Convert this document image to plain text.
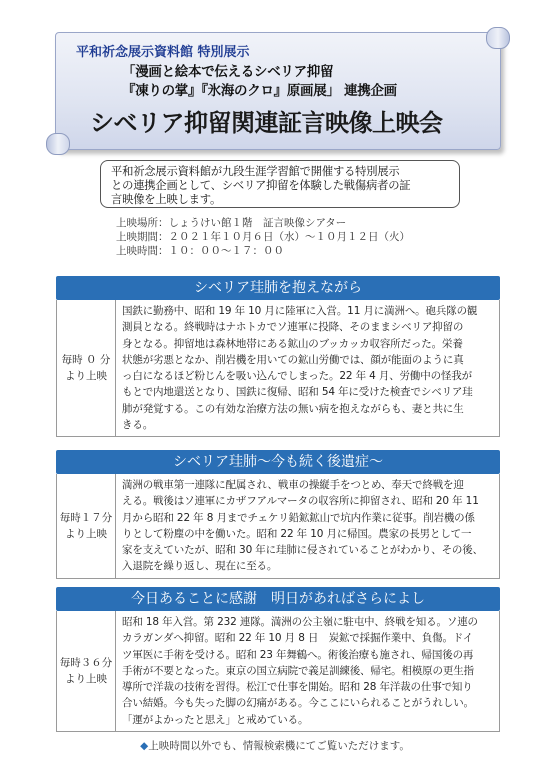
平和祈念展示資料館 特別展示
「漫画と絵本で伝えるシベリア抑留
『凍りの掌』『氷海のクロ』原画展」 連携企画
シベリア抑留関連証言映像上映会
平和祈念展示資料館が九段生涯学習館で開催する特別展示
との連携企画として、シベリア抑留を体験した戦傷病者の証
言映像を上映します。
上映場所：しょうけい館１階　証言映像シアター
上映期間：２０２１年１０月６日（水）～１０月１２日（火）
上映時間：１０：００～１７：００
シベリア珪肺を抱えながら
毎時 ０ 分
より上映
国鉄に勤務中、昭和 19 年 10 月に陸軍に入営。11 月に満洲へ。砲兵隊の観
測員となる。終戦時はナホトカでソ連軍に投降、そのままシベリア抑留の
身となる。抑留地は森林地帯にある鉱山のブッカッカ収容所だった。栄養
状態が劣悪となか、削岩機を用いての鉱山労働では、顔が能面のように真
っ白になるほど粉じんを吸い込んでしまった。22 年 4 月、労働中の怪我が
もとで内地還送となり、国鉄に復帰、昭和 54 年に受けた検査でシベリア珪
肺が発覚する。この有効な治療方法の無い病を抱えながらも、妻と共に生
きる。
シベリア珪肺～今も続く後遺症～
毎時１７分
より上映
満洲の戦車第一連隊に配属され、戦車の操縦手をつとめ、奉天で終戦を迎
える。戦後はソ連軍にカザフアルマータの収容所に抑留され、昭和 20 年 11
月から昭和 22 年 8 月までチェケリ鉛鉱鉱山で坑内作業に従事。削岩機の係
りとして粉塵の中を働いた。昭和 22 年 10 月に帰国。農家の長男として一
家を支えていたが、昭和 30 年に珪肺に侵されていることがわかり、その後、
入退院を繰り返し、現在に至る。
今日あることに感謝　明日があればさらによし
毎時３６分
より上映
昭和 18 年入営。第 232 連隊。満洲の公主嶺に駐屯中、終戦を知る。ソ連の
カラガンダへ抑留。昭和 22 年 10 月 8 日　炭鉱で採掘作業中、負傷。ドイ
ツ軍医に手術を受ける。昭和 23 年舞鶴へ。術後治療も施され、帰国後の再
手術が不要となった。東京の国立病院で義足訓練後、帰宅。相模原の更生指
導所で洋裁の技術を習得。松江で仕事を開始。昭和 28 年洋裁の仕事で知り
合い結婚。今も失った脚の幻痛がある。今ここにいられることがうれしい。
「運がよかったと思え」と戒めている。
◆上映時間以外でも、情報検索機にてご覧いただけます。
